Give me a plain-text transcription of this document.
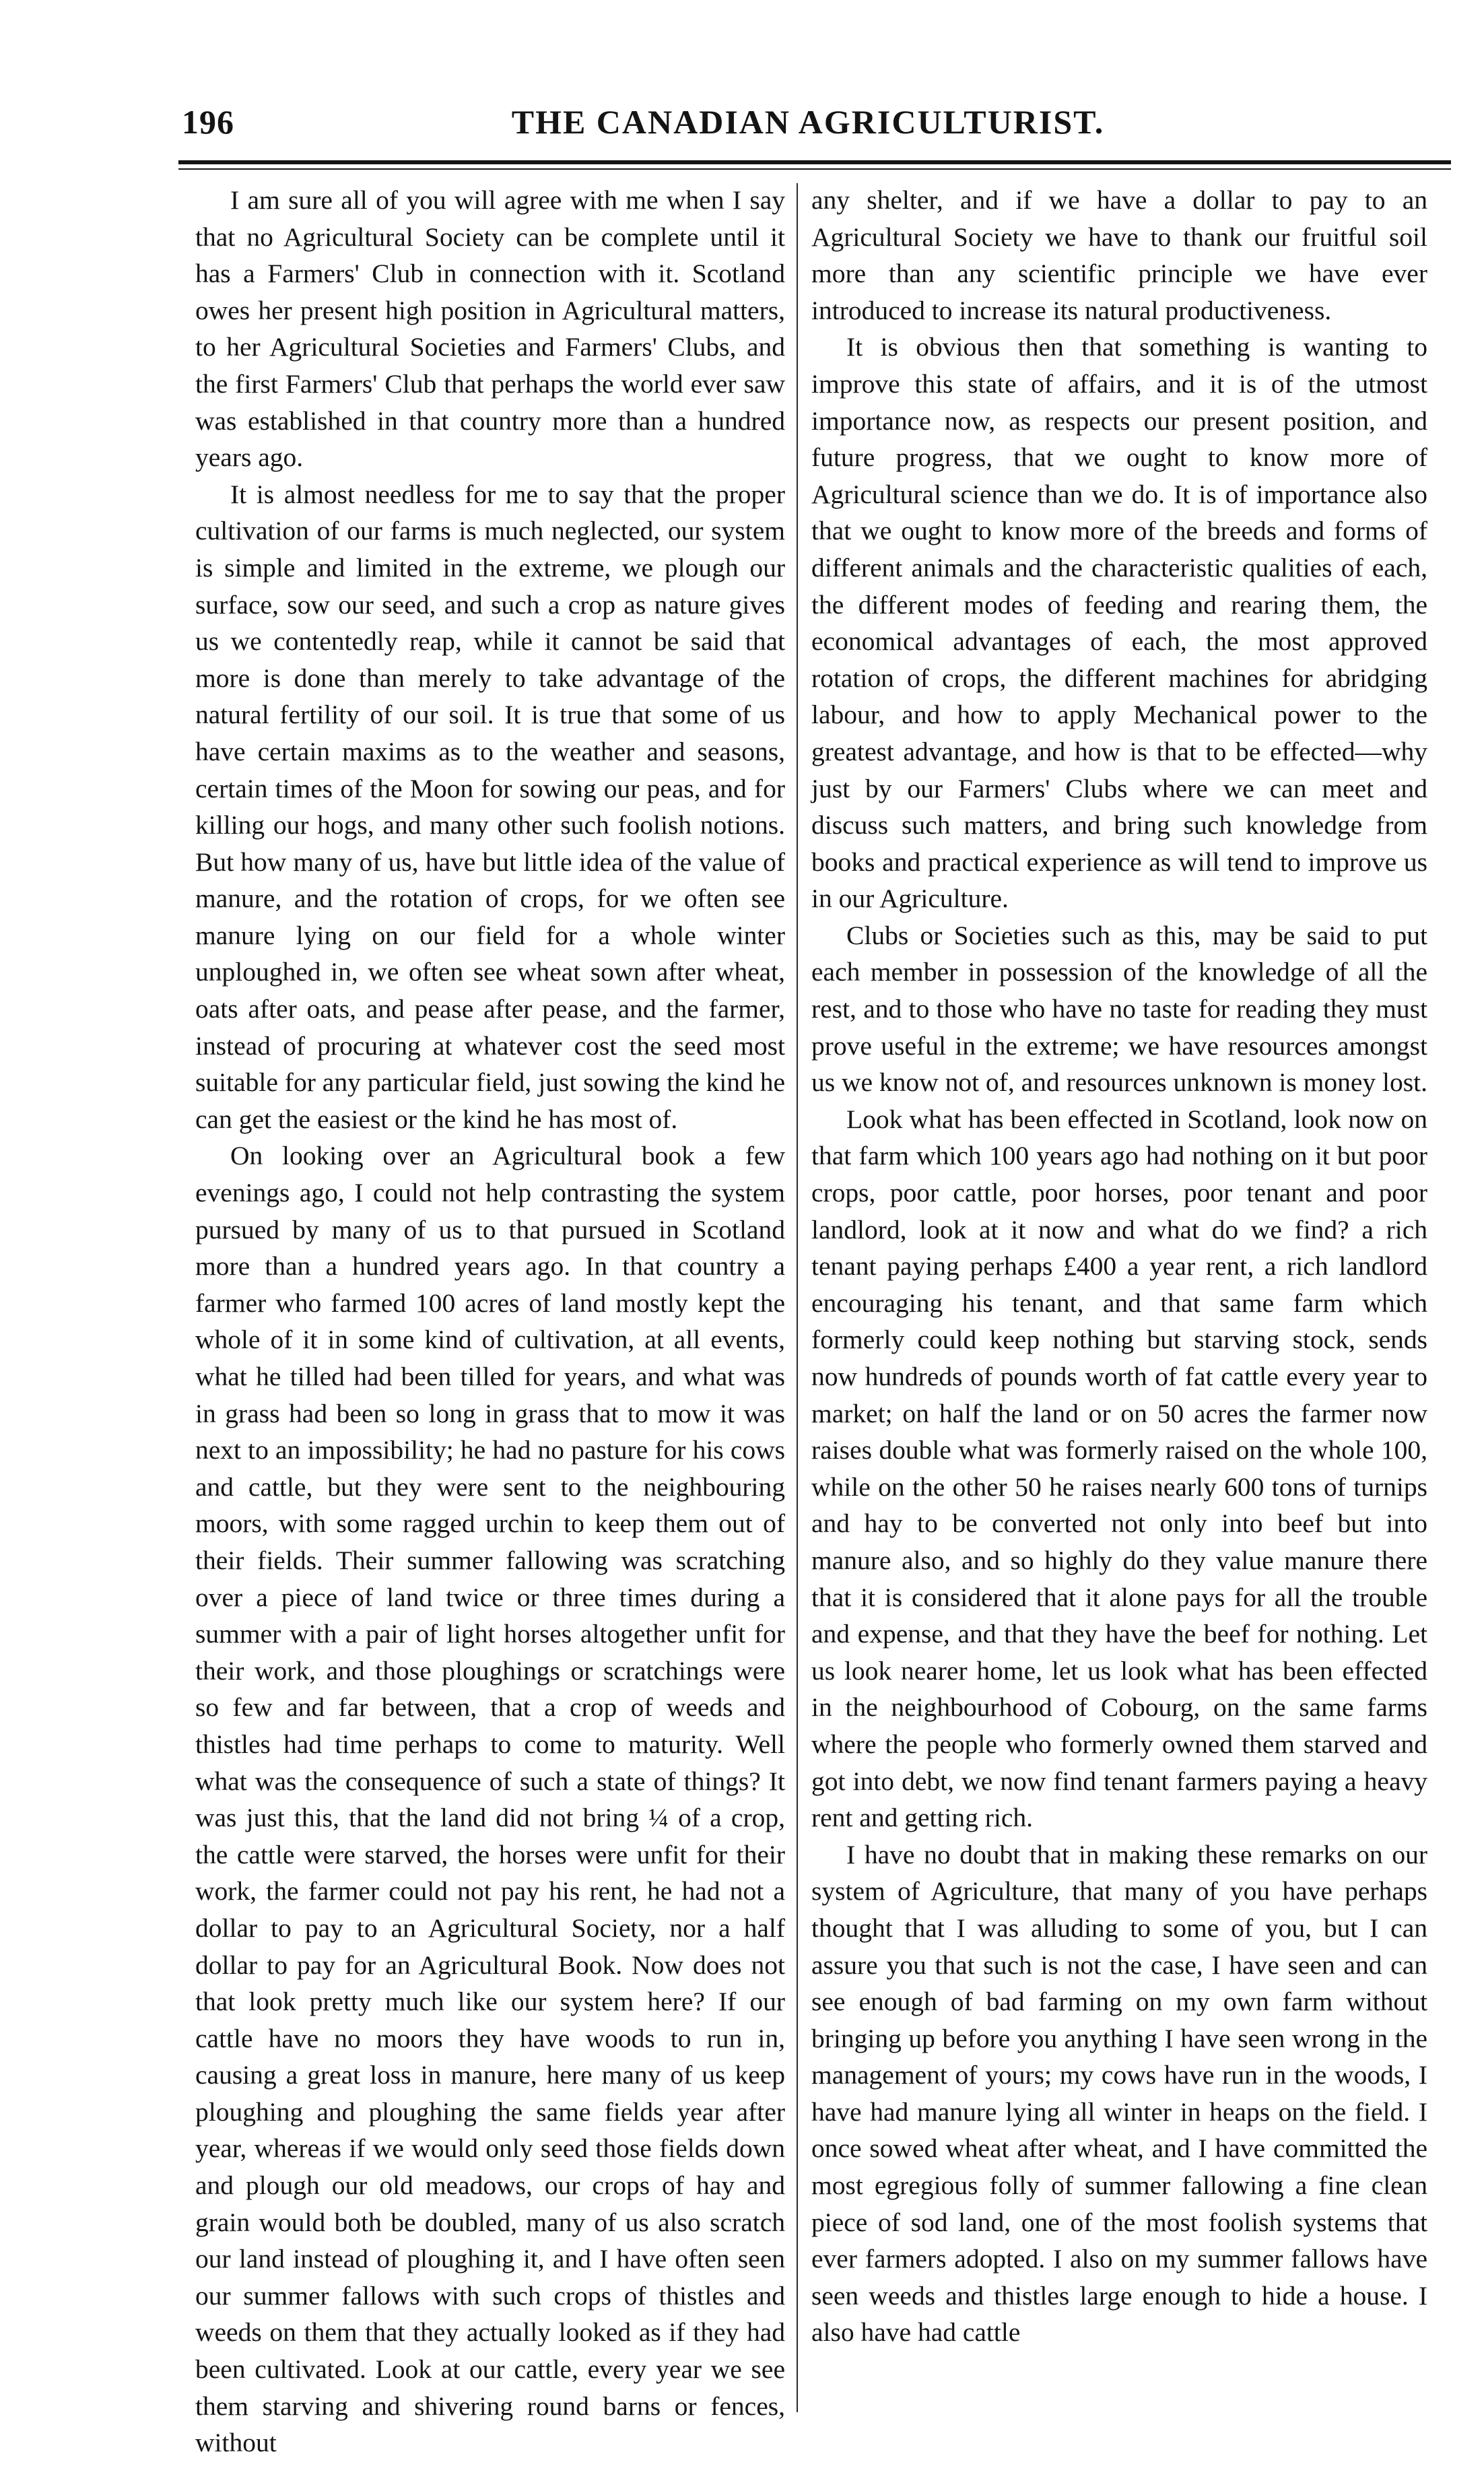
196	THE CANADIAN AGRICULTURIST.

I am sure all of you will agree with me when I say that no Agricultural Society can be complete until it has a Farmers' Club in connection with it. Scotland owes her present high position in Agricultural matters, to her Agricultural Societies and Farmers' Clubs, and the first Farmers' Club that perhaps the world ever saw was established in that country more than a hundred years ago.

It is almost needless for me to say that the proper cultivation of our farms is much neglected, our system is simple and limited in the extreme, we plough our surface, sow our seed, and such a crop as nature gives us we contentedly reap, while it cannot be said that more is done than merely to take advantage of the natural fertility of our soil. It is true that some of us have certain maxims as to the weather and seasons, certain times of the Moon for sowing our peas, and for killing our hogs, and many other such foolish notions. But how many of us, have but little idea of the value of manure, and the rotation of crops, for we often see manure lying on our field for a whole winter unploughed in, we often see wheat sown after wheat, oats after oats, and pease after pease, and the farmer, instead of procuring at whatever cost the seed most suitable for any particular field, just sowing the kind he can get the easiest or the kind he has most of.

On looking over an Agricultural book a few evenings ago, I could not help contrasting the system pursued by many of us to that pursued in Scotland more than a hundred years ago. In that country a farmer who farmed 100 acres of land mostly kept the whole of it in some kind of cultivation, at all events, what he tilled had been tilled for years, and what was in grass had been so long in grass that to mow it was next to an impossibility; he had no pasture for his cows and cattle, but they were sent to the neighbouring moors, with some ragged urchin to keep them out of their fields. Their summer fallowing was scratching over a piece of land twice or three times during a summer with a pair of light horses altogether unfit for their work, and those ploughings or scratchings were so few and far between, that a crop of weeds and thistles had time perhaps to come to maturity. Well what was the consequence of such a state of things? It was just this, that the land did not bring ¼ of a crop, the cattle were starved, the horses were unfit for their work, the farmer could not pay his rent, he had not a dollar to pay to an Agricultural Society, nor a half dollar to pay for an Agricultural Book. Now does not that look pretty much like our system here? If our cattle have no moors they have woods to run in, causing a great loss in manure, here many of us keep ploughing and ploughing the same fields year after year, whereas if we would only seed those fields down and plough our old meadows, our crops of hay and grain would both be doubled, many of us also scratch our land instead of ploughing it, and I have often seen our summer fallows with such crops of thistles and weeds on them that they actually looked as if they had been cultivated. Look at our cattle, every year we see them starving and shivering round barns or fences, without

any shelter, and if we have a dollar to pay to an Agricultural Society we have to thank our fruitful soil more than any scientific principle we have ever introduced to increase its natural productiveness.

It is obvious then that something is wanting to improve this state of affairs, and it is of the utmost importance now, as respects our present position, and future progress, that we ought to know more of Agricultural science than we do. It is of importance also that we ought to know more of the breeds and forms of different animals and the characteristic qualities of each, the different modes of feeding and rearing them, the economical advantages of each, the most approved rotation of crops, the different machines for abridging labour, and how to apply Mechanical power to the greatest advantage, and how is that to be effected—why just by our Farmers' Clubs where we can meet and discuss such matters, and bring such knowledge from books and practical experience as will tend to improve us in our Agriculture.

Clubs or Societies such as this, may be said to put each member in possession of the knowledge of all the rest, and to those who have no taste for reading they must prove useful in the extreme; we have resources amongst us we know not of, and resources unknown is money lost.

Look what has been effected in Scotland, look now on that farm which 100 years ago had nothing on it but poor crops, poor cattle, poor horses, poor tenant and poor landlord, look at it now and what do we find? a rich tenant paying perhaps £400 a year rent, a rich landlord encouraging his tenant, and that same farm which formerly could keep nothing but starving stock, sends now hundreds of pounds worth of fat cattle every year to market; on half the land or on 50 acres the farmer now raises double what was formerly raised on the whole 100, while on the other 50 he raises nearly 600 tons of turnips and hay to be converted not only into beef but into manure also, and so highly do they value manure there that it is considered that it alone pays for all the trouble and expense, and that they have the beef for nothing. Let us look nearer home, let us look what has been effected in the neighbourhood of Cobourg, on the same farms where the people who formerly owned them starved and got into debt, we now find tenant farmers paying a heavy rent and getting rich.

I have no doubt that in making these remarks on our system of Agriculture, that many of you have perhaps thought that I was alluding to some of you, but I can assure you that such is not the case, I have seen and can see enough of bad farming on my own farm without bringing up before you anything I have seen wrong in the management of yours; my cows have run in the woods, I have had manure lying all winter in heaps on the field. I once sowed wheat after wheat, and I have committed the most egregious folly of summer fallowing a fine clean piece of sod land, one of the most foolish systems that ever farmers adopted. I also on my summer fallows have seen weeds and thistles large enough to hide a house. I also have had cattle
